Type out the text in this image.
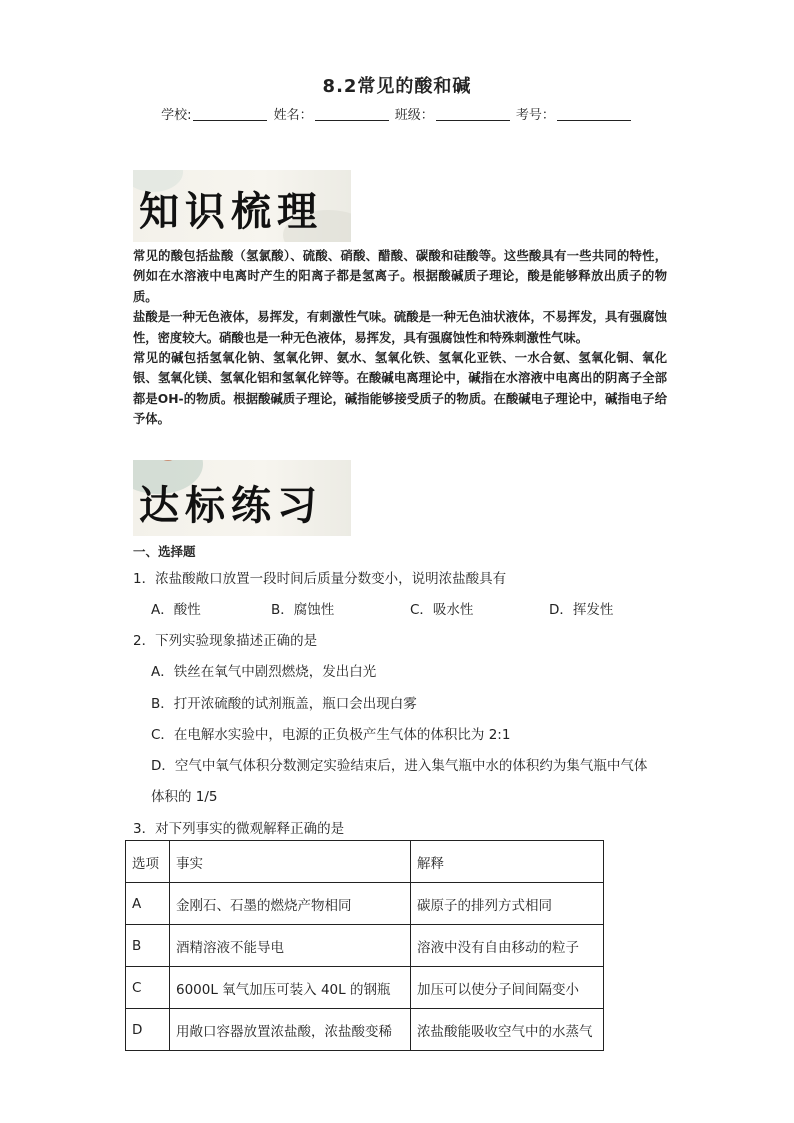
8.2常见的酸和碱
学校:	姓名：	班级：	考号：
知识梳理

常见的酸包括盐酸（氢氯酸）、硫酸、硝酸、醋酸、碳酸和硅酸等。这些酸具有一些共同的特性，例如在水溶液中电离时产生的阳离子都是氢离子。根据酸碱质子理论，酸是能够释放出质子的物质。

盐酸是一种无色液体，易挥发，有刺激性气味。硫酸是一种无色油状液体，不易挥发，具有强腐蚀性，密度较大。硝酸也是一种无色液体，易挥发，具有强腐蚀性和特殊刺激性气味。

常见的碱包括氢氧化钠、氢氧化钾、氨水、氢氧化铁、氢氧化亚铁、一水合氨、氢氧化铜、氧化银、氢氧化镁、氢氧化铝和氢氧化锌等。在酸碱电离理论中，碱指在水溶液中电离出的阴离子全部都是OH-的物质。根据酸碱质子理论，碱指能够接受质子的物质。在酸碱电子理论中，碱指电子给予体。

达标练习
一、选择题
1．浓盐酸敞口放置一段时间后质量分数变小，说明浓盐酸具有
A．酸性	B．腐蚀性	C．吸水性	D．挥发性
2．下列实验现象描述正确的是
A．铁丝在氧气中剧烈燃烧，发出白光
B．打开浓硫酸的试剂瓶盖，瓶口会出现白雾
C．在电解水实验中，电源的正负极产生气体的体积比为 2:1
D．空气中氧气体积分数测定实验结束后，进入集气瓶中水的体积约为集气瓶中气体
体积的 1/5
3．对下列事实的微观解释正确的是
选项	事实	解释
A	金刚石、石墨的燃烧产物相同	碳原子的排列方式相同
B	酒精溶液不能导电	溶液中没有自由移动的粒子
C	6000L 氧气加压可装入 40L 的钢瓶	加压可以使分子间间隔变小
D	用敞口容器放置浓盐酸，浓盐酸变稀	浓盐酸能吸收空气中的水蒸气
